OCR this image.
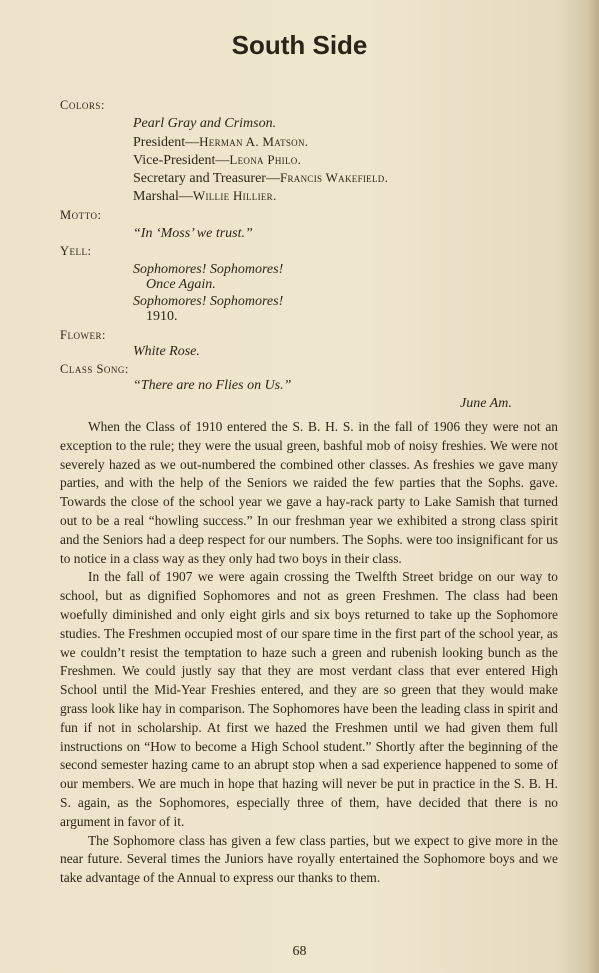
South Side
Colors:
Pearl Gray and Crimson.
President—Herman A. Matson.
Vice-President—Leona Philo.
Secretary and Treasurer—Francis Wakefield.
Marshal—Willie Hillier.
Motto:
“In ‘Moss’ we trust.”
Yell:
Sophomores! Sophomores!
Once Again.
Sophomores! Sophomores!
1910.
Flower:
White Rose.
Class Song:
“There are no Flies on Us.”
June Am.

When the Class of 1910 entered the S. B. H. S. in the fall of 1906 they were not an exception to the rule; they were the usual green, bashful mob of noisy freshies. We were not severely hazed as we out-numbered the combined other classes. As freshies we gave many parties, and with the help of the Seniors we raided the few parties that the Sophs. gave. Towards the close of the school year we gave a hay-rack party to Lake Samish that turned out to be a real “howling success.” In our freshman year we exhibited a strong class spirit and the Seniors had a deep respect for our numbers. The Sophs. were too insignificant for us to notice in a class way as they only had two boys in their class.

In the fall of 1907 we were again crossing the Twelfth Street bridge on our way to school, but as dignified Sophomores and not as green Freshmen. The class had been woefully diminished and only eight girls and six boys returned to take up the Sophomore studies. The Freshmen occupied most of our spare time in the first part of the school year, as we couldn’t resist the temptation to haze such a green and rubenish looking bunch as the Freshmen. We could justly say that they are most verdant class that ever entered High School until the Mid-Year Freshies entered, and they are so green that they would make grass look like hay in comparison. The Sophomores have been the leading class in spirit and fun if not in scholarship. At first we hazed the Freshmen until we had given them full instructions on “How to become a High School student.” Shortly after the beginning of the second semester hazing came to an abrupt stop when a sad experience happened to some of our members. We are much in hope that hazing will never be put in practice in the S. B. H. S. again, as the Sophomores, especially three of them, have decided that there is no argument in favor of it.

The Sophomore class has given a few class parties, but we expect to give more in the near future. Several times the Juniors have royally entertained the Sophomore boys and we take advantage of the Annual to express our thanks to them.

68
